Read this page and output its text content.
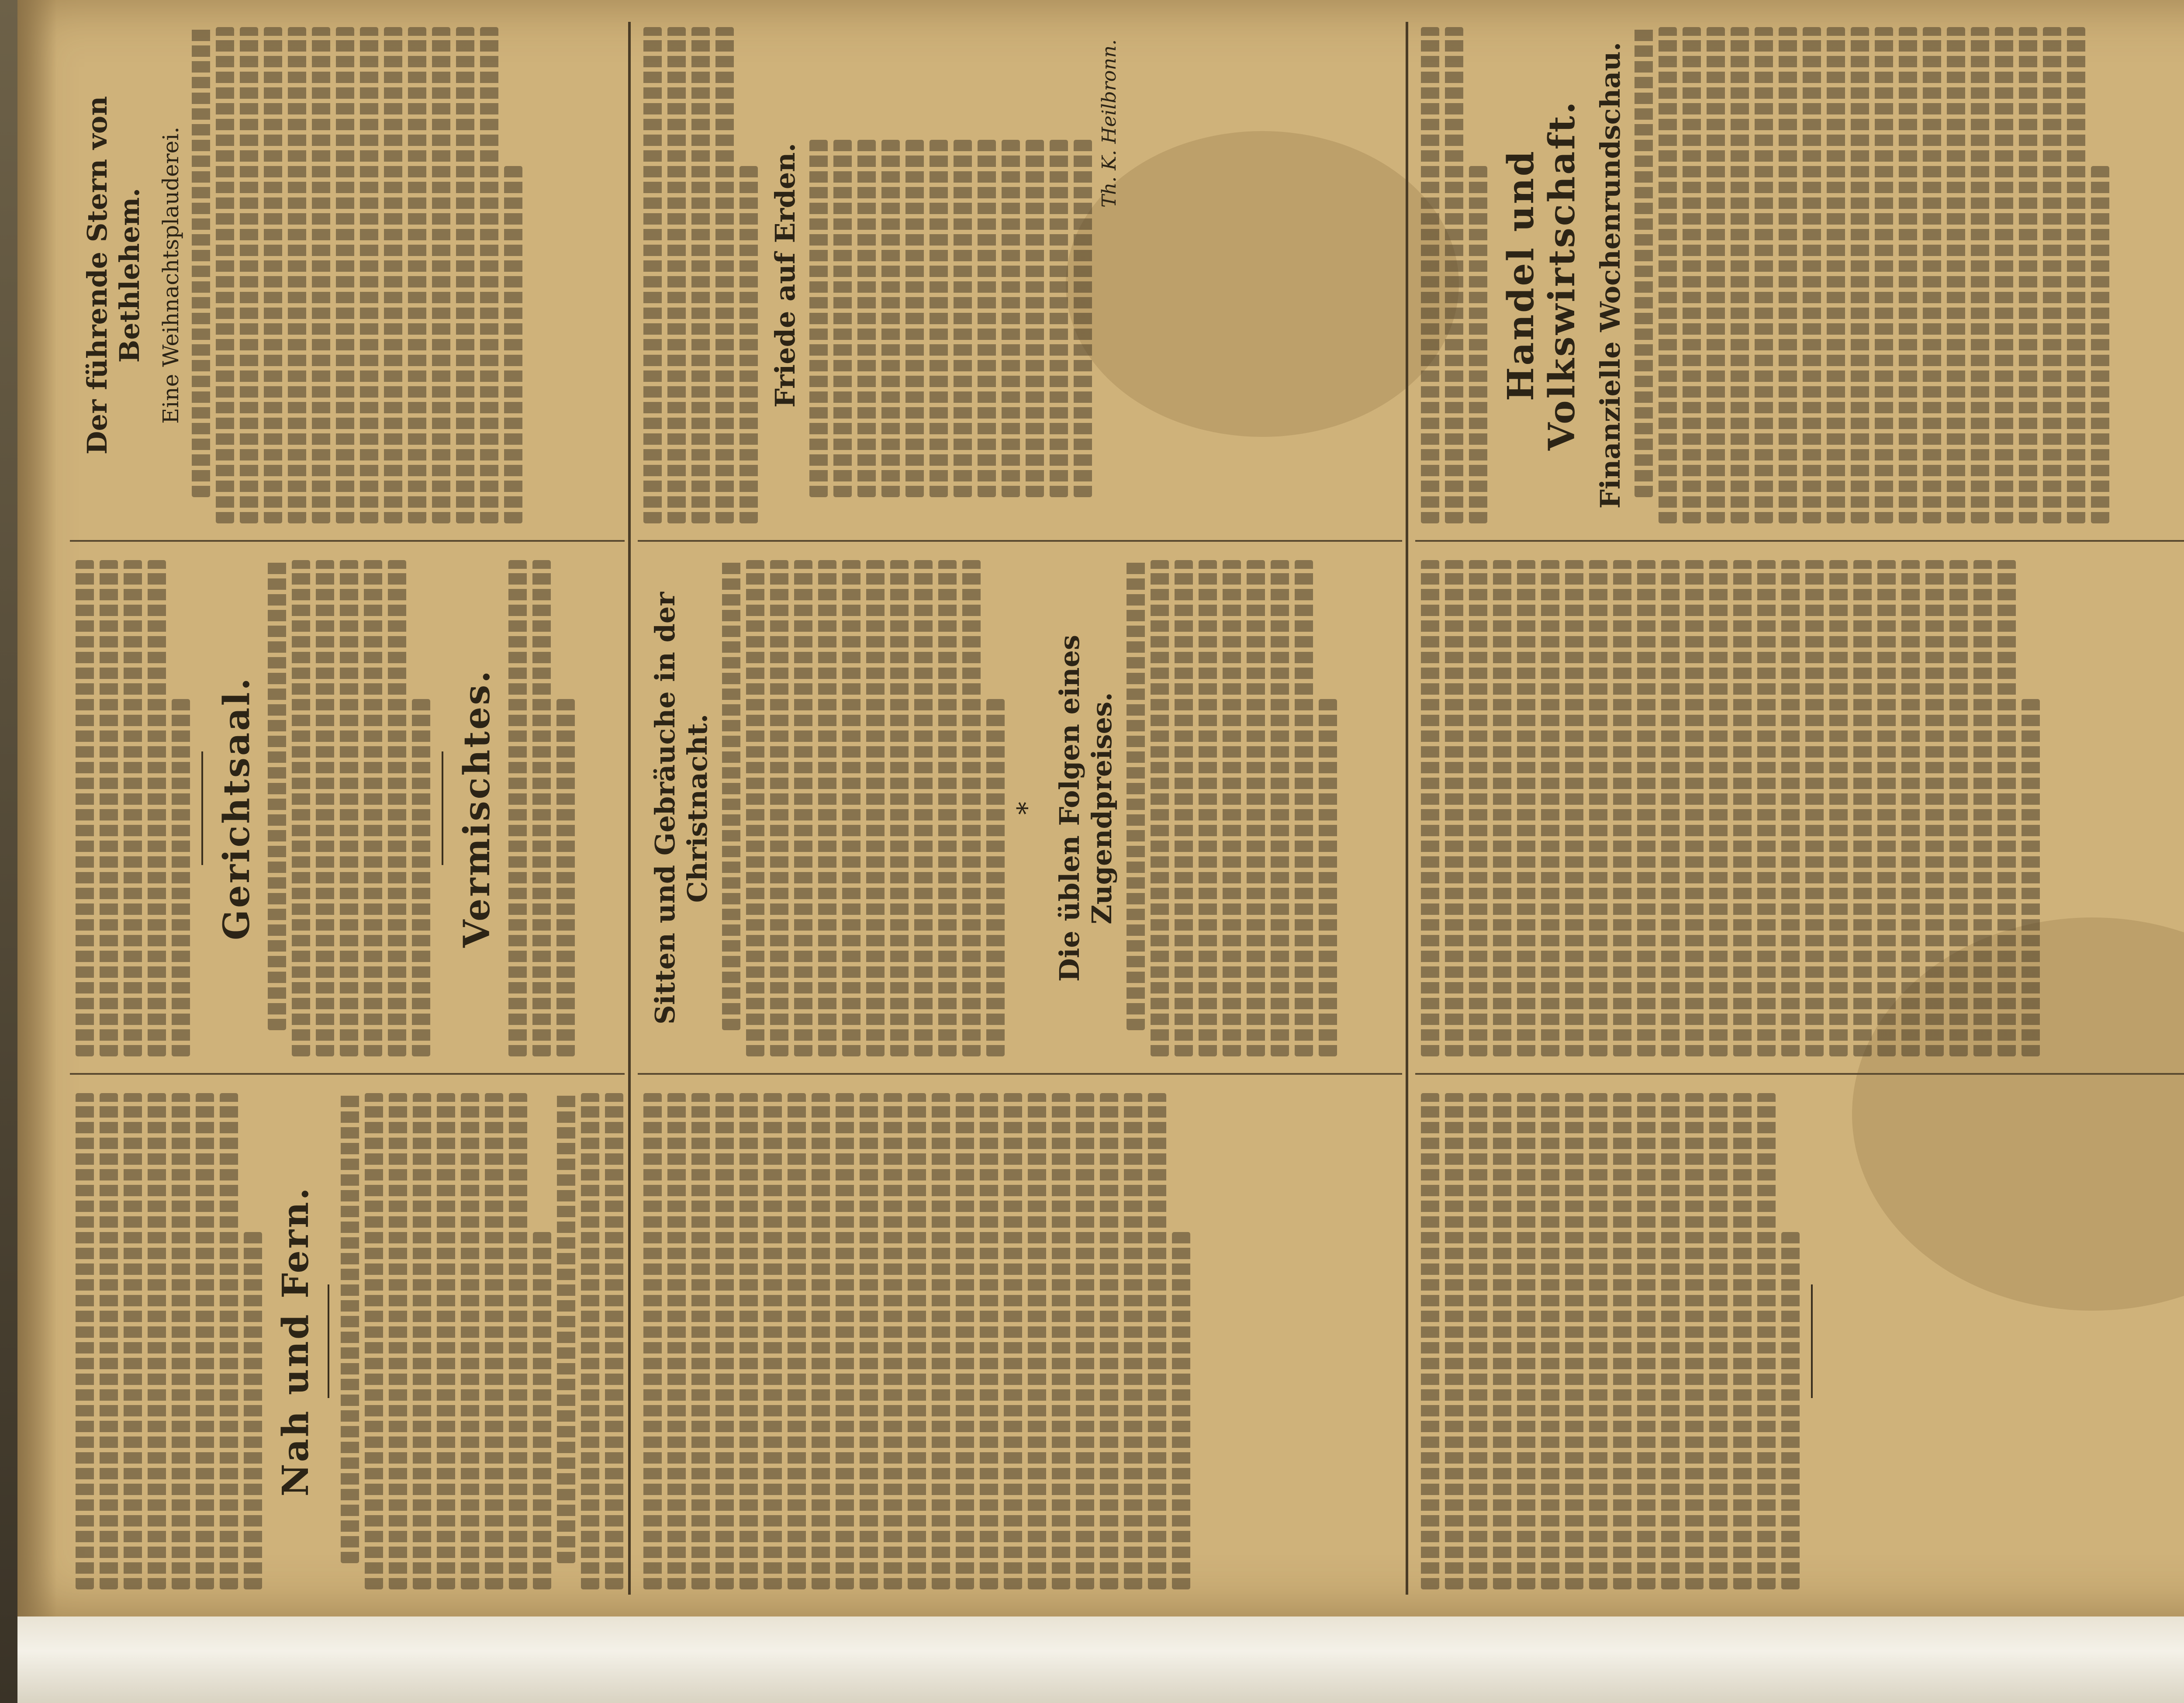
Nah und Fern.
Gerichtsaal.	Vermischtes.
Der führende Stern von Bethlehem. Eine Weihnachtsplauderei.
Sitten und Gebräuche in der Christnacht.	* Die üblen Folgen eines Zugendpreises.
Friede auf Erden.
Th. K. Heilbronn.
Handel und Volkswirtschaft. Finanzielle Wochenrundschau.
